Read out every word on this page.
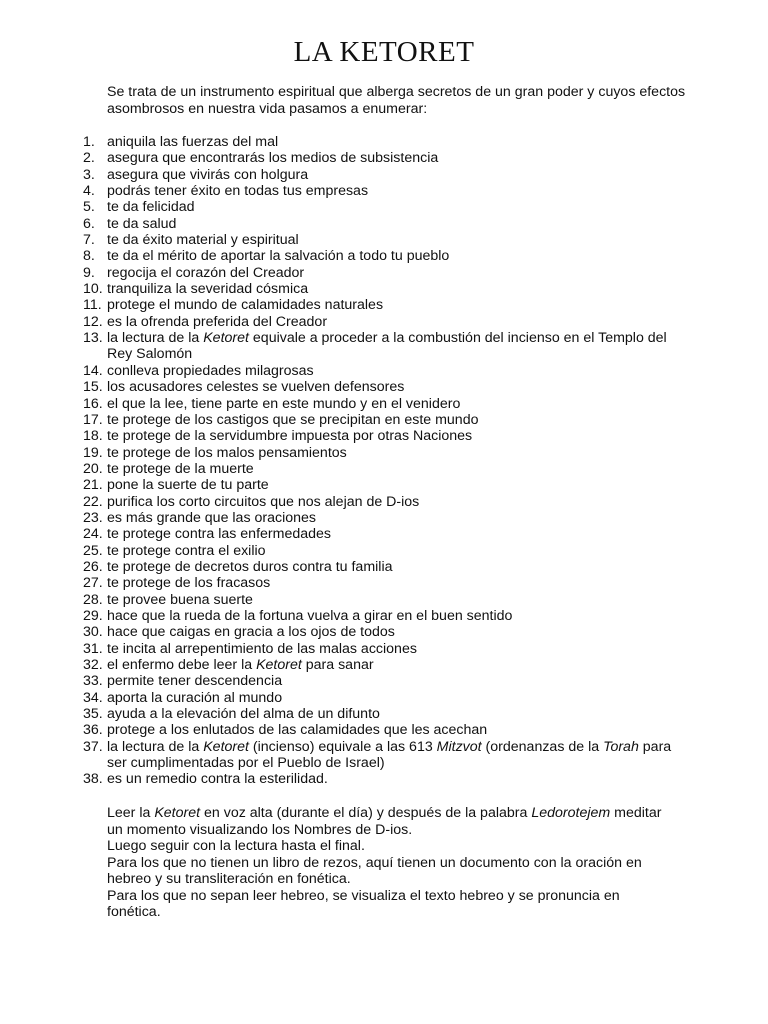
LA KETORET
Se trata de un instrumento espiritual que alberga secretos de un gran poder y cuyos efectos asombrosos en nuestra vida pasamos a enumerar:
1. aniquila las fuerzas del mal
2. asegura que encontrarás los medios de subsistencia
3. asegura que vivirás con holgura
4. podrás tener éxito en todas tus empresas
5. te da felicidad
6. te da salud
7. te da éxito material y espiritual
8. te da el mérito de aportar la salvación a todo tu pueblo
9. regocija el corazón del Creador
10. tranquiliza la severidad cósmica
11. protege el mundo de calamidades naturales
12. es la ofrenda preferida del Creador
13. la lectura de la Ketoret equivale a proceder a la combustión del incienso en el Templo del Rey Salomón
14. conlleva propiedades milagrosas
15. los acusadores celestes se vuelven defensores
16. el que la lee, tiene parte en este mundo y en el venidero
17. te protege de los castigos que se precipitan en este mundo
18. te protege de la servidumbre impuesta por otras Naciones
19. te protege de los malos pensamientos
20. te protege de la muerte
21. pone la suerte de tu parte
22. purifica los corto circuitos que nos alejan de D-ios
23. es más grande que las oraciones
24. te protege contra las enfermedades
25. te protege contra el exilio
26. te protege de decretos duros contra tu familia
27. te protege de los fracasos
28. te provee buena suerte
29. hace que la rueda de la fortuna vuelva a girar en el buen sentido
30. hace que caigas en gracia a los ojos de todos
31. te incita al arrepentimiento de las malas acciones
32. el enfermo debe leer la Ketoret para sanar
33. permite tener descendencia
34. aporta la curación al mundo
35. ayuda a la elevación del alma de un difunto
36. protege a los enlutados de las calamidades que les acechan
37. la lectura de la Ketoret (incienso) equivale a las 613 Mitzvot (ordenanzas de la Torah para ser cumplimentadas por el Pueblo de Israel)
38. es un remedio contra la esterilidad.

Leer la Ketoret en voz alta (durante el día) y después de la palabra Ledorotejem meditar un momento visualizando los Nombres de D-ios.

Luego seguir con la lectura hasta el final.

Para los que no tienen un libro de rezos, aquí tienen un documento con la oración en hebreo y su transliteración en fonética.

Para los que no sepan leer hebreo, se visualiza el texto hebreo y se pronuncia en fonética.
